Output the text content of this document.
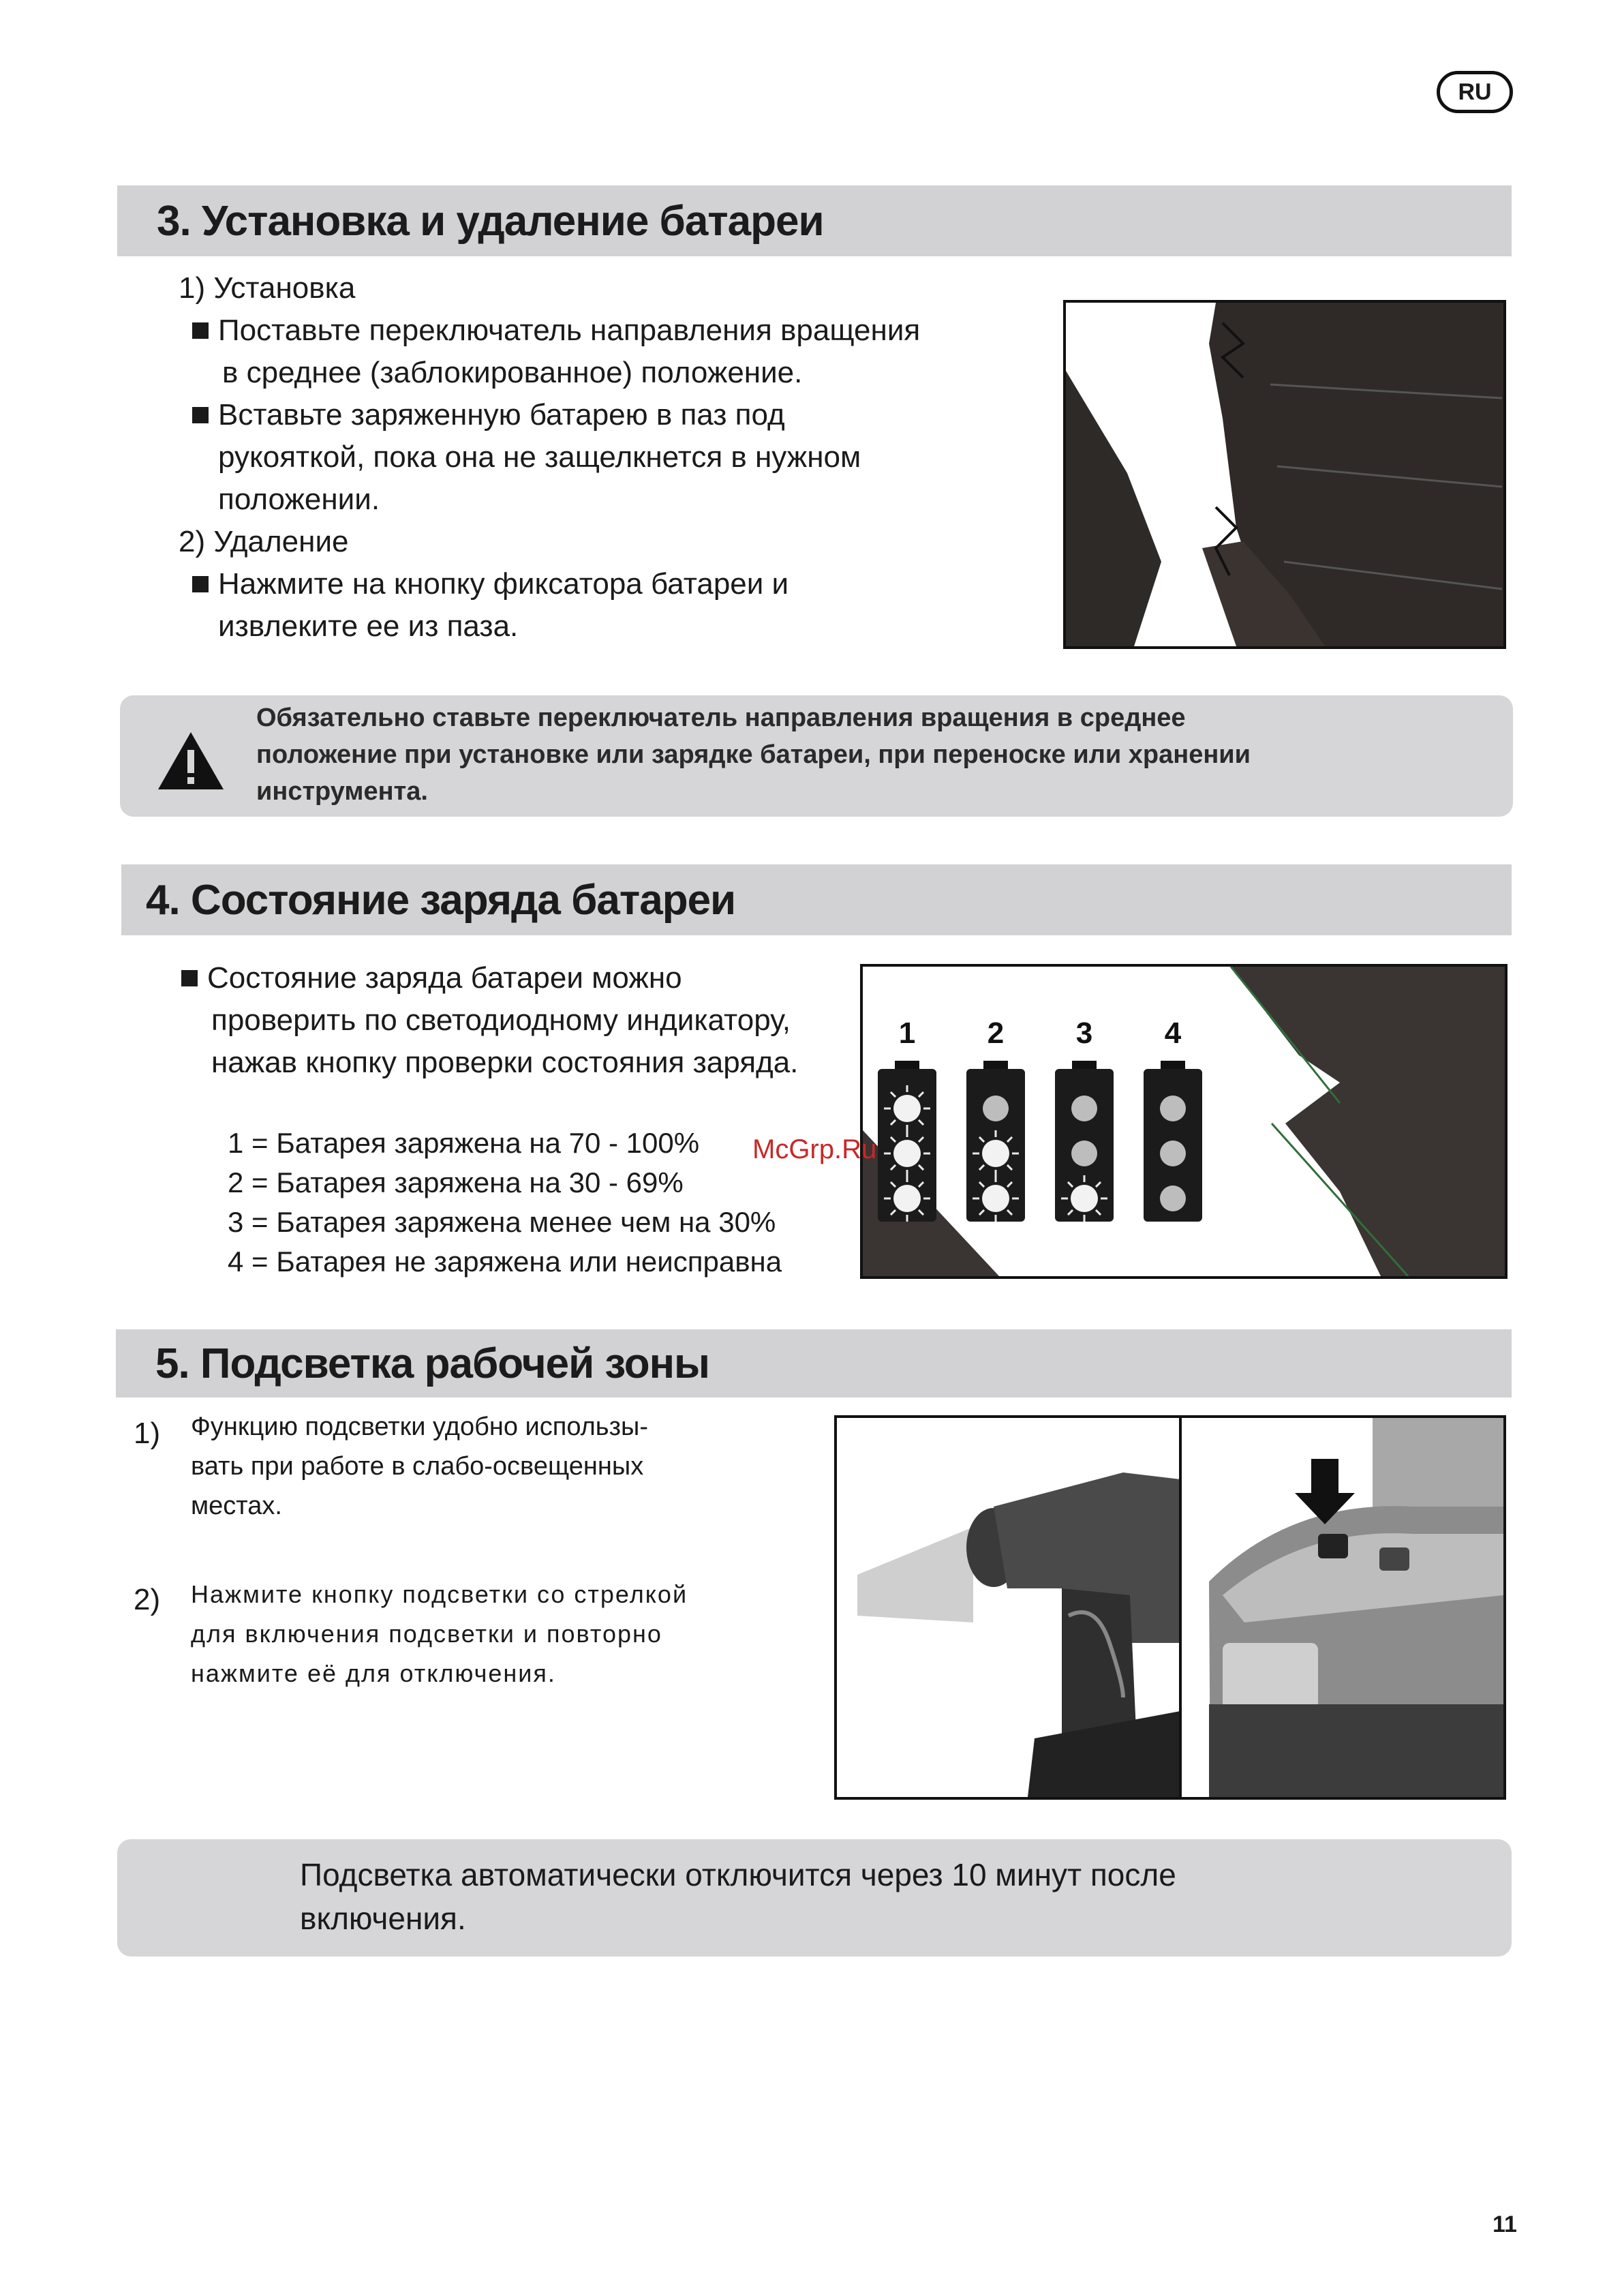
RU
3. Установка и удаление батареи
1) Установка
Поставьте переключатель направления вращения
в среднее (заблокированное) положение.
Вставьте заряженную батарею в паз под
рукояткой, пока она не защелкнется в нужном
положении.
2) Удаление
Нажмите на кнопку фиксатора батареи и
извлеките ее из паза.
Обязательно ставьте переключатель направления вращения в среднее
положение при установке или зарядке батареи, при переноске или хранении
инструмента.
4. Состояние заряда батареи
Состояние заряда батареи можно
проверить по светодиодному индикатору,
нажав кнопку проверки состояния заряда.
1 = Батарея заряжена на 70 - 100%
2 = Батарея заряжена на 30 - 69%
3 = Батарея заряжена менее чем на 30%
4 = Батарея не заряжена или неисправна
1 2 3 4
McGrp.Ru
5. Подсветка рабочей зоны
1) Функцию подсветки удобно использы-
вать при работе в слабо-освещенных
местах.
2) Нажмите кнопку подсветки со стрелкой
для включения подсветки и повторно
нажмите её для отключения.
Подсветка автоматически отключится через 10 минут после
включения.
11
